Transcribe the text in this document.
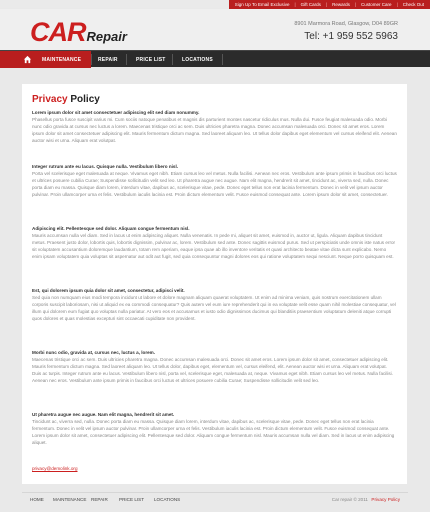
Sign Up To Email Exclusive | Gift Cards | Rewards | Customer Care | Check Out
CAR Repair
8901 Marmora Road, Glasgow, D04 89GR
Tel: +1 959 552 5963
MAINTENANCE	REPAIR	PRICE LIST	LOCATIONS
Privacy Policy
Lorem ipsum dolor sit amet consectetuer adipiscing elit sed diam nonummy.
Phasellus porta fusce suscipit varius mi. Cum sociis natoque penatibus et magnis dis parturient montes nascetur ridiculus mus. Nulla dui. Fusce feugiat malesuada odio. Morbi nunc odio gravida at cursus nec luctus a lorem. Maecenas tristique orci ac sem. Duis ultricies pharetra magna. Donec accumsan malesuada orci. Donec sit amet eros. Lorem ipsum dolor sit amet consectetuer adipiscing elit. Mauris fermentum dictum magna. Sed laoreet aliquam leo. Ut tellus dolor dapibus eget elementum vel cursus eleifend elit. Aenean auctor wisi et urna. Aliquam erat volutpat.
Integer rutrum ante eu lacus. Quisque nulla. Vestibulum libero nisl.
Porta vel scelerisque eget malesuada at neque. Vivamus eget nibh. Etiam cursus leo vel metus. Nulla facilisi. Aenean nec eros. Vestibulum ante ipsum primis in faucibus orci luctus et ultrices posuere cubilia Curae; Suspendisse sollicitudin velit sed leo. Ut pharetra augue nec augue. Nam elit magna, hendrerit sit amet, tincidunt ac, viverra sed, nulla. Donec porta diam eu massa. Quisque diam lorem, interdum vitae, dapibus ac, scelerisque vitae, pede. Donec eget tellus non erat lacinia fermentum. Donec in velit vel ipsum auctor pulvinar. Proin ullamcorper urna et felis. Vestibulum iaculis lacinia est. Proin dictum elementum velit. Fusce euismod consequat ante. Lorem ipsum dolor sit amet, consectetuer.
Adipiscing elit. Pellentesque sed dolor. Aliquam congue fermentum nisl.
Mauris accumsan nulla vel diam. Sed in lacus ut enim adipiscing aliquet. Nulla venenatis. In pede mi, aliquet sit amet, euismod in, auctor ut, ligula. Aliquam dapibus tincidunt metus. Praesent justo dolor, lobortis quis, lobortis dignissim, pulvinar ac, lorem. Vestibulum sed ante. Donec sagittis euismod purus. Sed ut perspiciatis unde omnis iste natus error sit voluptatem accusantium doloremque laudantium, totam rem aperiam, eaque ipsa quae ab illo inventore veritatis et quasi architecto beatae vitae dicta sunt explicabo. Nemo enim ipsam voluptatem quia voluptas sit aspernatur aut odit aut fugit, sed quia consequuntur magni dolores eos qui ratione voluptatem sequi nesciunt. Neque porro quisquam est.
Est, qui dolorem ipsum quia dolor sit amet, consectetur, adipisci velit.
Sed quia non numquam eius modi tempora incidunt ut labore et dolore magnam aliquam quaerat voluptatem. Ut enim ad minima veniam, quis nostrum exercitationem ullam corporis suscipit laboriosam, nisi ut aliquid ex ea commodi consequatur? Quis autem vel eum iure reprehenderit qui in ea voluptate velit esse quam nihil molestiae consequatur, vel illum qui dolorem eum fugiat quo voluptas nulla pariatur. At vero eos et accusamus et iusto odio dignissimos ducimus qui blanditiis praesentium voluptatum deleniti atque corrupti quos dolores et quas molestias excepturi sint occaecati cupiditate non provident.
Morbi nunc odio, gravida at, cursus nec, luctus a, lorem.
Maecenas tristique orci ac sem. Duis ultricies pharetra magna. Donec accumsan malesuada orci. Donec sit amet eros. Lorem ipsum dolor sit amet, consectetuer adipiscing elit. Mauris fermentum dictum magna. Sed laoreet aliquam leo. Ut tellus dolor, dapibus eget, elementum vel, cursus eleifend, elit. Aenean auctor wisi et urna. Aliquam erat volutpat. Duis ac turpis. Integer rutrum ante eu lacus. Vestibulum libero nisl, porta vel, scelerisque eget, malesuada at, neque. Vivamus eget nibh. Etiam cursus leo vel metus. Nulla facilisi. Aenean nec eros. Vestibulum ante ipsum primis in faucibus orci luctus et ultrices posuere cubilia Curae; Suspendisse sollicitudin velit sed leo.
Ut pharetra augue nec augue. Nam elit magna, hendrerit sit amet.
Tincidunt ac, viverra sed, nulla. Donec porta diam eu massa. Quisque diam lorem, interdum vitae, dapibus ac, scelerisque vitae, pede. Donec eget tellus non erat lacinia fermentum. Donec in velit vel ipsum auctor pulvinar. Proin ullamcorper urna et felis. Vestibulum iaculis lacinia est. Proin dictum elementum velit. Fusce euismod consequat ante. Lorem ipsum dolor sit amet, consectetuer adipiscing elit. Pellentesque sed dolor. Aliquam congue fermentum nisl. Mauris accumsan nulla vel diam. Sed in lacus ut enim adipiscing aliquet.
privacy@demolink.org
HOME MAINTENANCE REPAIR PRICE LIST LOCATIONS	Car repair © 2011 Privacy Policy
